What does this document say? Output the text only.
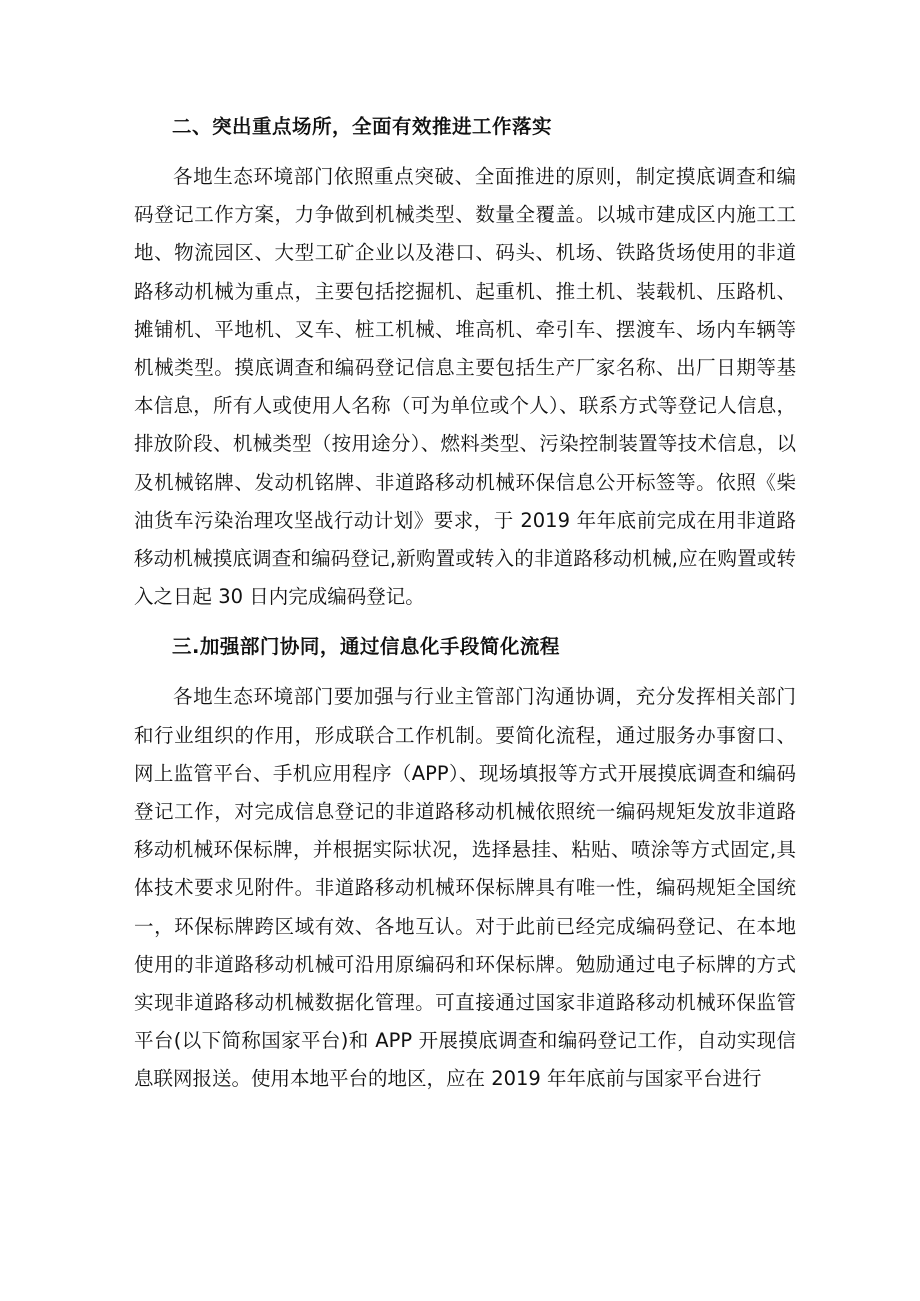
二、突出重点场所，全面有效推进工作落实

各地生态环境部门依照重点突破、全面推进的原则，制定摸底调查和编码登记工作方案，力争做到机械类型、数量全覆盖。以城市建成区内施工工地、物流园区、大型工矿企业以及港口、码头、机场、铁路货场使用的非道路移动机械为重点，主要包括挖掘机、起重机、推土机、装载机、压路机、摊铺机、平地机、叉车、桩工机械、堆高机、牵引车、摆渡车、场内车辆等机械类型。摸底调查和编码登记信息主要包括生产厂家名称、出厂日期等基本信息，所有人或使用人名称（可为单位或个人）、联系方式等登记人信息，排放阶段、机械类型（按用途分）、燃料类型、污染控制装置等技术信息，以及机械铭牌、发动机铭牌、非道路移动机械环保信息公开标签等。依照《柴油货车污染治理攻坚战行动计划》要求，于 2019 年年底前完成在用非道路移动机械摸底调查和编码登记,新购置或转入的非道路移动机械,应在购置或转入之日起 30 日内完成编码登记。

三.加强部门协同，通过信息化手段简化流程

各地生态环境部门要加强与行业主管部门沟通协调，充分发挥相关部门和行业组织的作用，形成联合工作机制。要简化流程，通过服务办事窗口、网上监管平台、手机应用程序（APP）、现场填报等方式开展摸底调查和编码登记工作，对完成信息登记的非道路移动机械依照统一编码规矩发放非道路移动机械环保标牌，并根据实际状况，选择悬挂、粘贴、喷涂等方式固定,具体技术要求见附件。非道路移动机械环保标牌具有唯一性，编码规矩全国统一，环保标牌跨区域有效、各地互认。对于此前已经完成编码登记、在本地使用的非道路移动机械可沿用原编码和环保标牌。勉励通过电子标牌的方式实现非道路移动机械数据化管理。可直接通过国家非道路移动机械环保监管平台(以下简称国家平台)和 APP 开展摸底调查和编码登记工作，自动实现信息联网报送。使用本地平台的地区，应在 2019 年年底前与国家平台进行
